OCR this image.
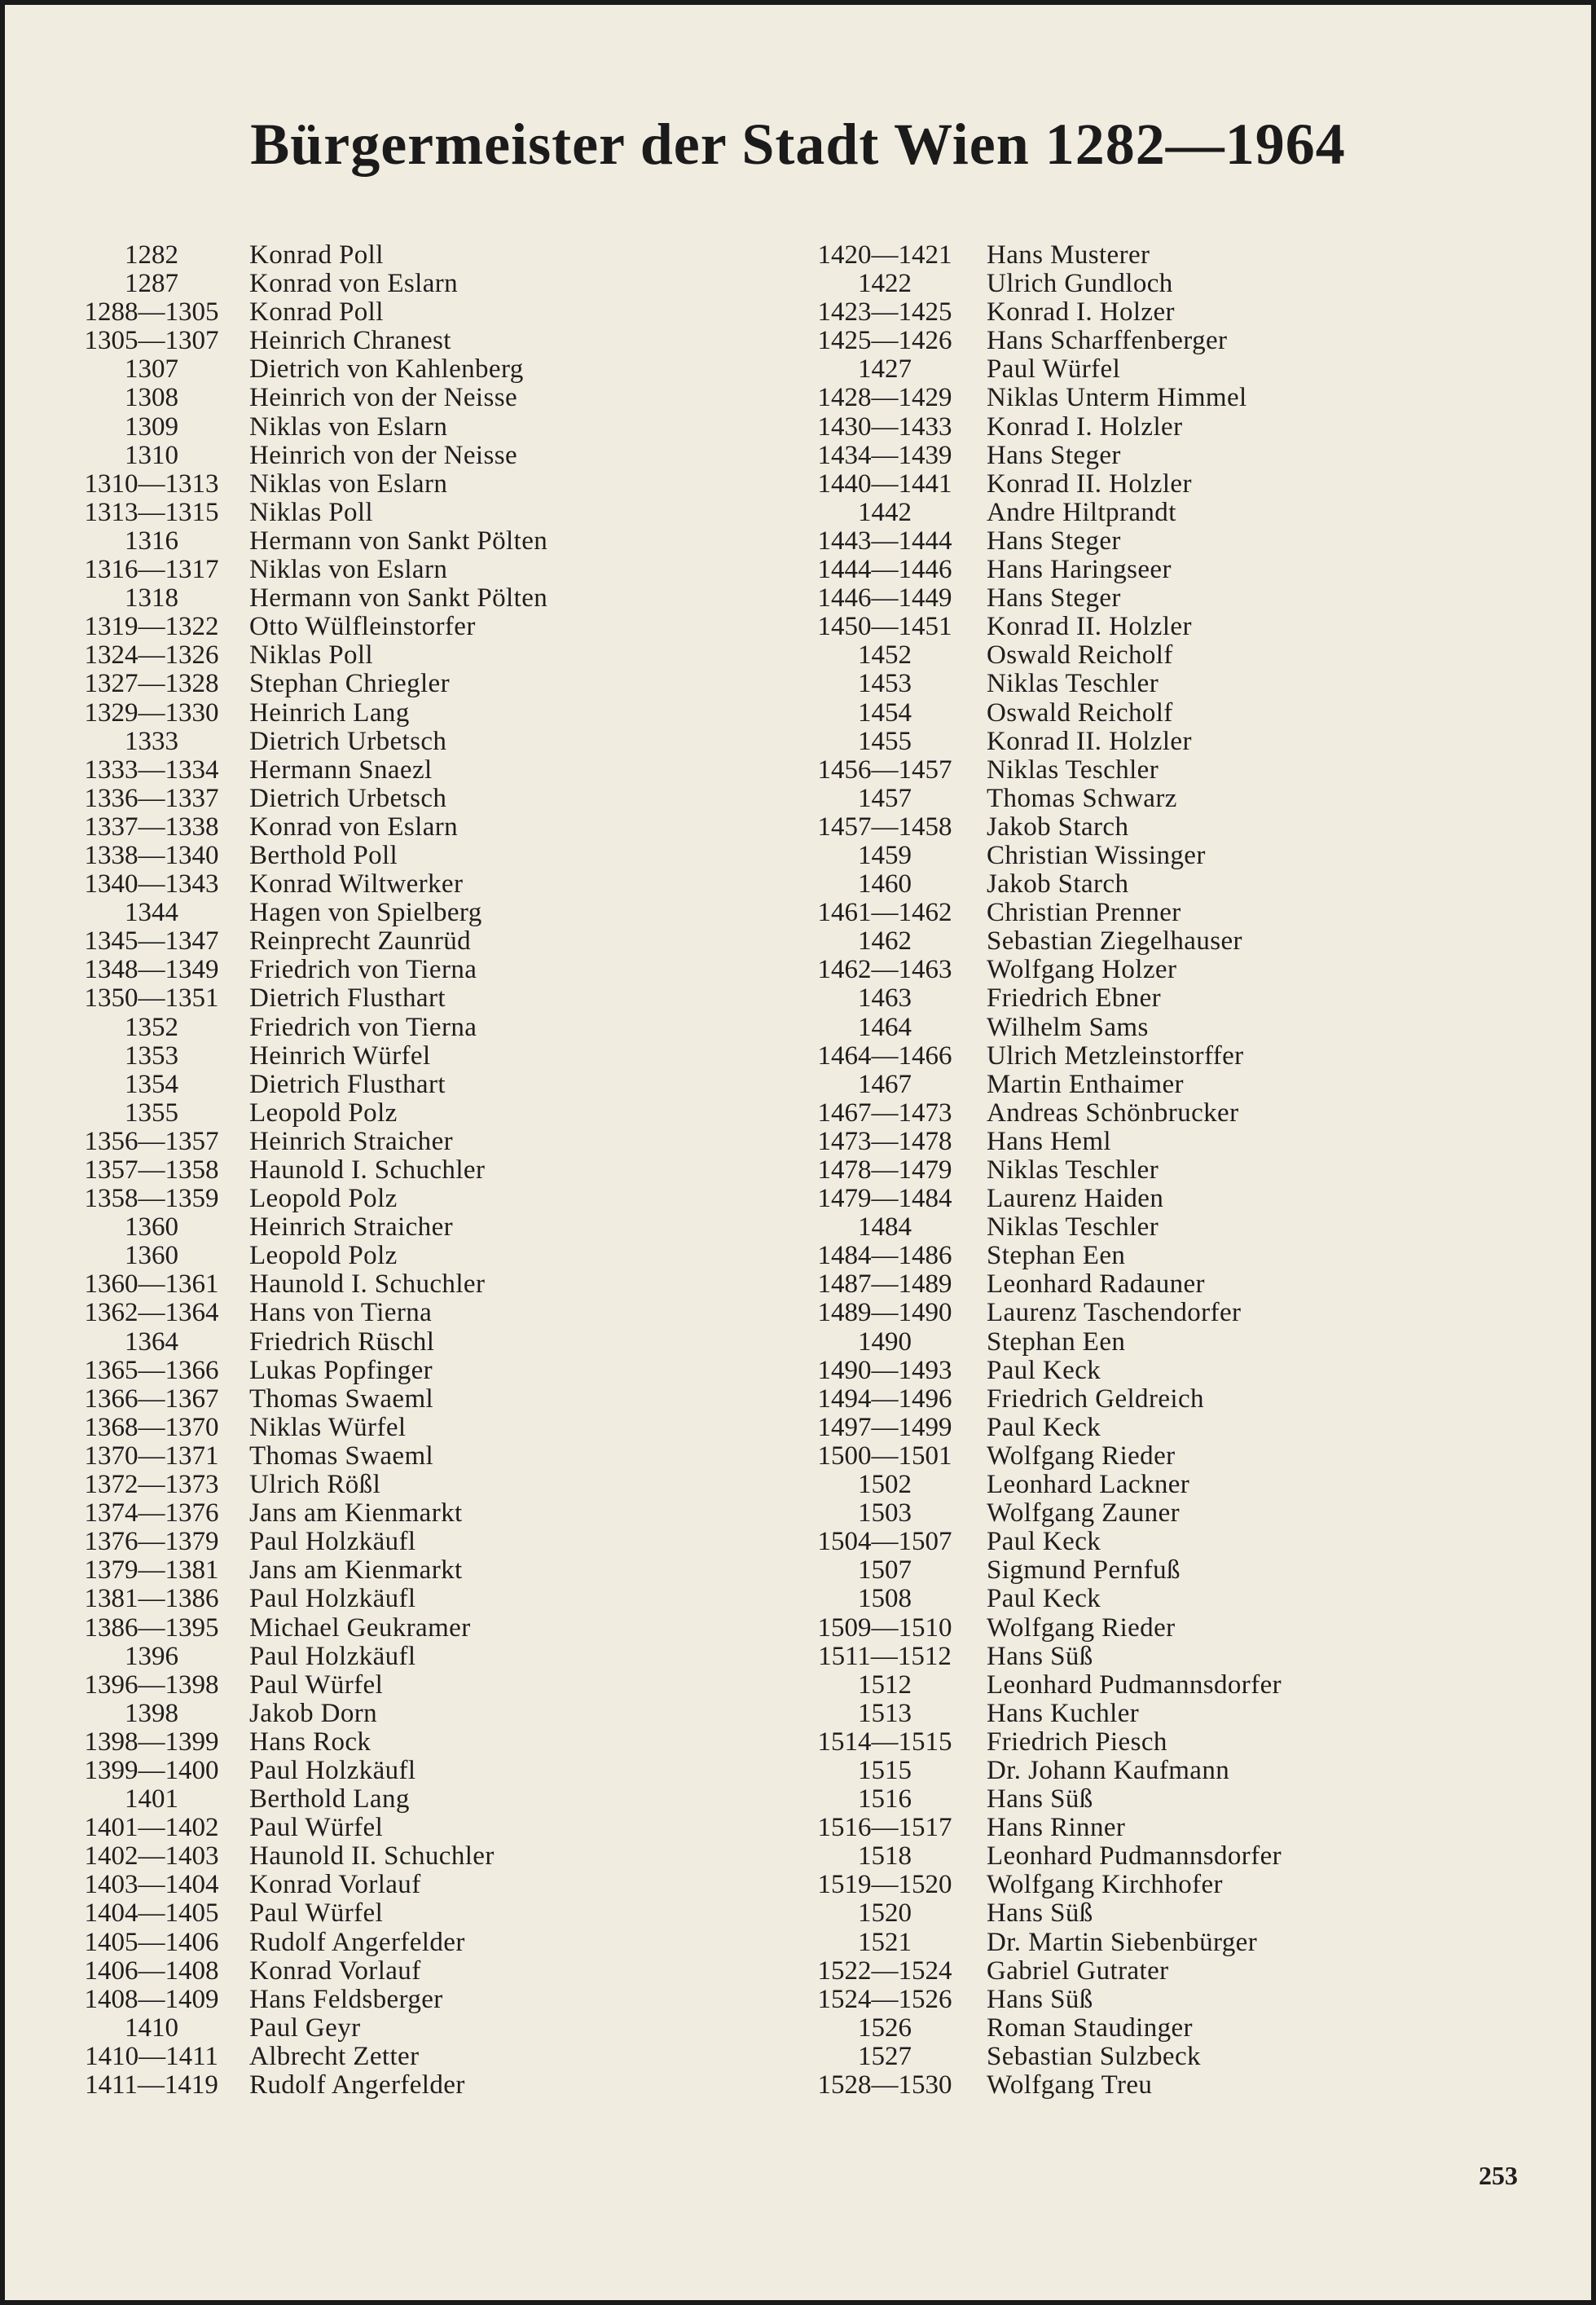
Bürgermeister der Stadt Wien 1282—1964
1282	Konrad Poll
1287	Konrad von Eslarn
1288—1305 Konrad Poll
1305—1307 Heinrich Chranest
1307	Dietrich von Kahlenberg
1308	Heinrich von der Neisse
1309	Niklas von Eslarn
1310	Heinrich von der Neisse
1310—1313 Niklas von Eslarn
1313—1315 Niklas Poll
1316	Hermann von Sankt Pölten
1316—1317 Niklas von Eslarn
1318	Hermann von Sankt Pölten
1319—1322 Otto Wülfleinstorfer
1324—1326 Niklas Poll
1327—1328 Stephan Chriegler
1329—1330 Heinrich Lang
1333	Dietrich Urbetsch
1333—1334 Hermann Snaezl
1336—1337 Dietrich Urbetsch
1337—1338 Konrad von Eslarn
1338—1340 Berthold Poll
1340—1343 Konrad Wiltwerker
1344	Hagen von Spielberg
1345—1347 Reinprecht Zaunrüd
1348—1349 Friedrich von Tierna
1350—1351 Dietrich Flusthart
1352	Friedrich von Tierna
1353	Heinrich Würfel
1354	Dietrich Flusthart
1355	Leopold Polz
1356—1357 Heinrich Straicher
1357—1358 Haunold I. Schuchler
1358—1359 Leopold Polz
1360	Heinrich Straicher
1360	Leopold Polz
1360—1361 Haunold I. Schuchler
1362—1364 Hans von Tierna
1364	Friedrich Rüschl
1365—1366 Lukas Popfinger
1366—1367 Thomas Swaeml
1368—1370 Niklas Würfel
1370—1371 Thomas Swaeml
1372—1373 Ulrich Rößl
1374—1376 Jans am Kienmarkt
1376—1379 Paul Holzkäufl
1379—1381 Jans am Kienmarkt
1381—1386 Paul Holzkäufl
1386—1395 Michael Geukramer
1396	Paul Holzkäufl
1396—1398 Paul Würfel
1398	Jakob Dorn
1398—1399 Hans Rock
1399—1400 Paul Holzkäufl
1401	Berthold Lang
1401—1402 Paul Würfel
1402—1403 Haunold II. Schuchler
1403—1404 Konrad Vorlauf
1404—1405 Paul Würfel
1405—1406 Rudolf Angerfelder
1406—1408 Konrad Vorlauf
1408—1409 Hans Feldsberger
1410	Paul Geyr
1410—1411 Albrecht Zetter
1411—1419 Rudolf Angerfelder
1420—1421	Hans Musterer
1422	Ulrich Gundloch
1423—1425	Konrad I. Holzer
1425—1426	Hans Scharffenberger
1427	Paul Würfel
1428—1429	Niklas Unterm Himmel
1430—1433	Konrad I. Holzler
1434—1439	Hans Steger
1440—1441	Konrad II. Holzler
1442	Andre Hiltprandt
1443—1444	Hans Steger
1444—1446	Hans Haringseer
1446—1449	Hans Steger
1450—1451	Konrad II. Holzler
1452	Oswald Reicholf
1453	Niklas Teschler
1454	Oswald Reicholf
1455	Konrad II. Holzler
1456—1457	Niklas Teschler
1457	Thomas Schwarz
1457—1458	Jakob Starch
1459	Christian Wissinger
1460	Jakob Starch
1461—1462	Christian Prenner
1462	Sebastian Ziegelhauser
1462—1463	Wolfgang Holzer
1463	Friedrich Ebner
1464	Wilhelm Sams
1464—1466	Ulrich Metzleinstorffer
1467	Martin Enthaimer
1467—1473	Andreas Schönbrucker
1473—1478	Hans Heml
1478—1479	Niklas Teschler
1479—1484	Laurenz Haiden
1484	Niklas Teschler
1484—1486	Stephan Een
1487—1489	Leonhard Radauner
1489—1490	Laurenz Taschendorfer
1490	Stephan Een
1490—1493	Paul Keck
1494—1496	Friedrich Geldreich
1497—1499	Paul Keck
1500—1501	Wolfgang Rieder
1502	Leonhard Lackner
1503	Wolfgang Zauner
1504—1507	Paul Keck
1507	Sigmund Pernfuß
1508	Paul Keck
1509—1510	Wolfgang Rieder
1511—1512	Hans Süß
1512	Leonhard Pudmannsdorfer
1513	Hans Kuchler
1514—1515	Friedrich Piesch
1515	Dr. Johann Kaufmann
1516	Hans Süß
1516—1517	Hans Rinner
1518	Leonhard Pudmannsdorfer
1519—1520	Wolfgang Kirchhofer
1520	Hans Süß
1521	Dr. Martin Siebenbürger
1522—1524	Gabriel Gutrater
1524—1526	Hans Süß
1526	Roman Staudinger
1527	Sebastian Sulzbeck
1528—1530	Wolfgang Treu
253
